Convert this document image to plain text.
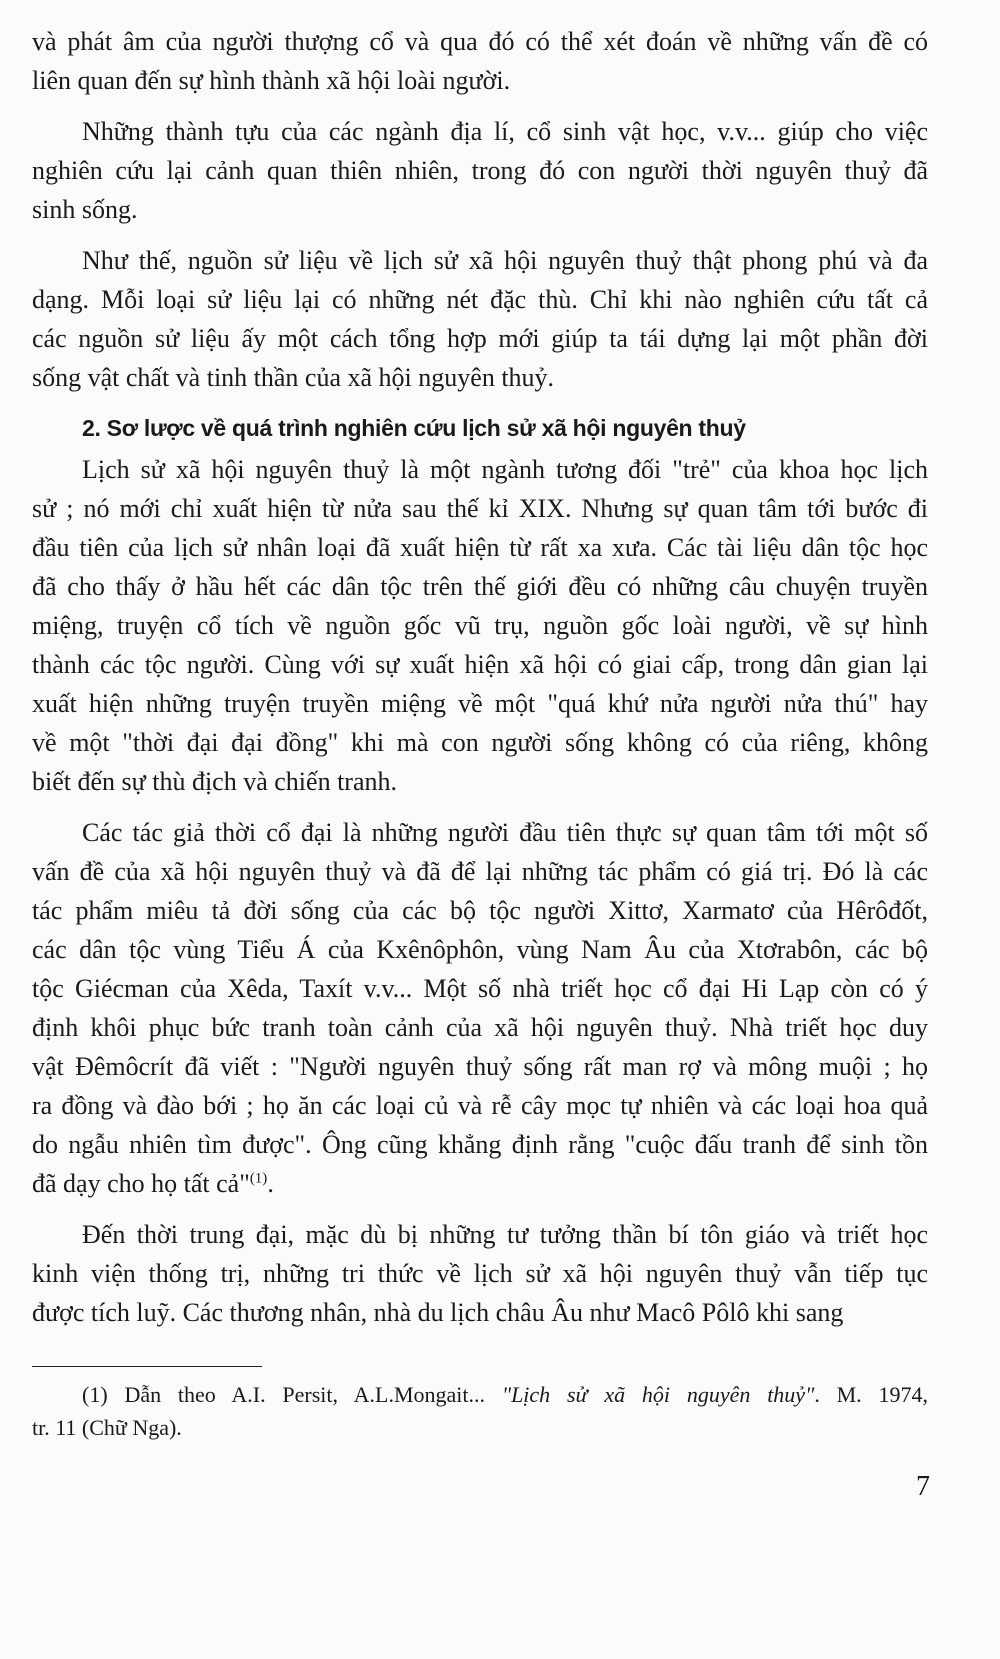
và phát âm của người thượng cổ và qua đó có thể xét đoán về những vấn đề có
liên quan đến sự hình thành xã hội loài người.
Những thành tựu của các ngành địa lí, cổ sinh vật học, v.v... giúp cho việc
nghiên cứu lại cảnh quan thiên nhiên, trong đó con người thời nguyên thuỷ đã
sinh sống.
Như thế, nguồn sử liệu về lịch sử xã hội nguyên thuỷ thật phong phú và đa
dạng. Mỗi loại sử liệu lại có những nét đặc thù. Chỉ khi nào nghiên cứu tất cả
các nguồn sử liệu ấy một cách tổng hợp mới giúp ta tái dựng lại một phần đời
sống vật chất và tinh thần của xã hội nguyên thuỷ.
2. Sơ lược về quá trình nghiên cứu lịch sử xã hội nguyên thuỷ
Lịch sử xã hội nguyên thuỷ là một ngành tương đối "trẻ" của khoa học lịch
sử ; nó mới chỉ xuất hiện từ nửa sau thế kỉ XIX. Nhưng sự quan tâm tới bước đi
đầu tiên của lịch sử nhân loại đã xuất hiện từ rất xa xưa. Các tài liệu dân tộc học
đã cho thấy ở hầu hết các dân tộc trên thế giới đều có những câu chuyện truyền
miệng, truyện cổ tích về nguồn gốc vũ trụ, nguồn gốc loài người, về sự hình
thành các tộc người. Cùng với sự xuất hiện xã hội có giai cấp, trong dân gian lại
xuất hiện những truyện truyền miệng về một "quá khứ nửa người nửa thú" hay
về một "thời đại đại đồng" khi mà con người sống không có của riêng, không
biết đến sự thù địch và chiến tranh.
Các tác giả thời cổ đại là những người đầu tiên thực sự quan tâm tới một số
vấn đề của xã hội nguyên thuỷ và đã để lại những tác phẩm có giá trị. Đó là các
tác phẩm miêu tả đời sống của các bộ tộc người Xittơ, Xarmatơ của Hêrôđốt,
các dân tộc vùng Tiểu Á của Kxênôphôn, vùng Nam Âu của Xtơrabôn, các bộ
tộc Giécman của Xêda, Taxít v.v... Một số nhà triết học cổ đại Hi Lạp còn có ý
định khôi phục bức tranh toàn cảnh của xã hội nguyên thuỷ. Nhà triết học duy
vật Đêmôcrít đã viết : "Người nguyên thuỷ sống rất man rợ và mông muội ; họ
ra đồng và đào bới ; họ ăn các loại củ và rễ cây mọc tự nhiên và các loại hoa quả
do ngẫu nhiên tìm được". Ông cũng khẳng định rằng "cuộc đấu tranh để sinh tồn
đã dạy cho họ tất cả"$^{(1)}$.
Đến thời trung đại, mặc dù bị những tư tưởng thần bí tôn giáo và triết học
kinh viện thống trị, những tri thức về lịch sử xã hội nguyên thuỷ vẫn tiếp tục
được tích luỹ. Các thương nhân, nhà du lịch châu Âu như Macô Pôlô khi sang
(1) Dẫn theo A.I. Persit, A.L.Mongait... "Lịch sử xã hội nguyên thuỷ". M. 1974,
tr. 11 (Chữ Nga).
7
